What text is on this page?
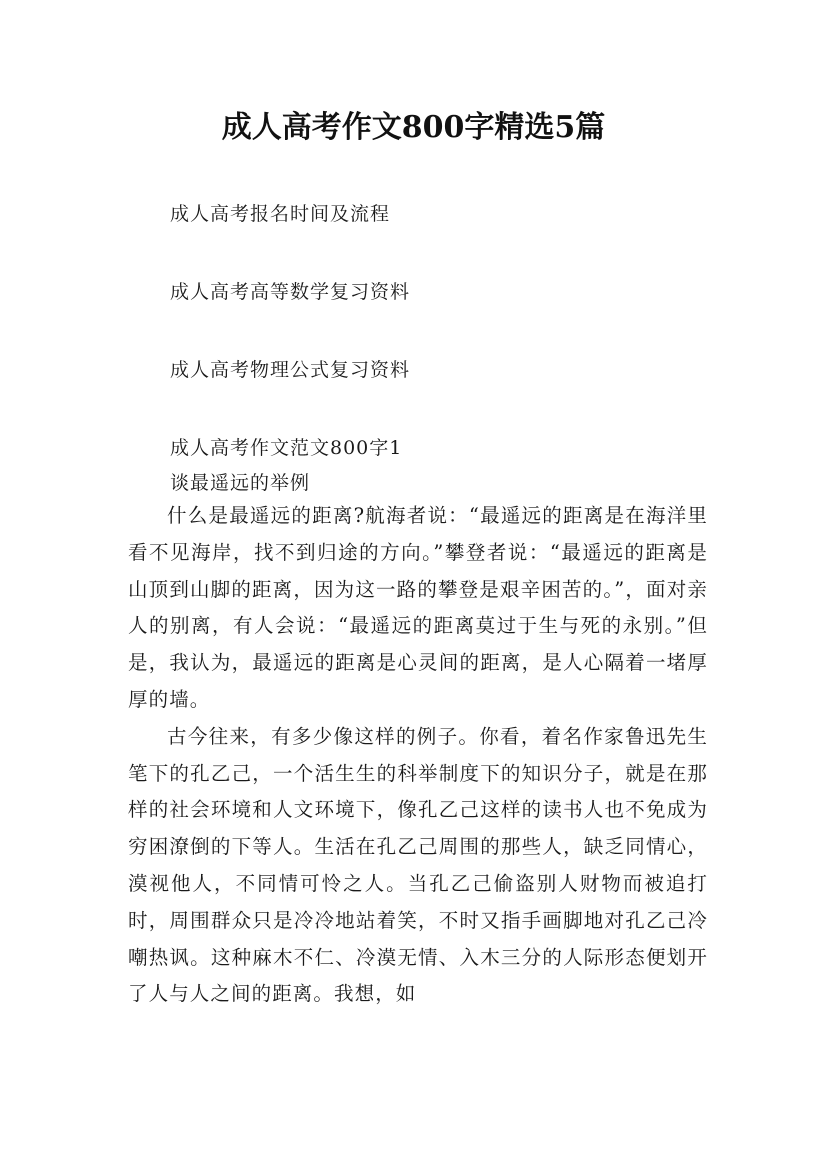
成人高考作文800字精选5篇
成人高考报名时间及流程
成人高考高等数学复习资料
成人高考物理公式复习资料
成人高考作文范文800字1
谈最遥远的举例

什么是最遥远的距离?航海者说：“最遥远的距离是在海洋里看不见海岸，找不到归途的方向。”攀登者说：“最遥远的距离是山顶到山脚的距离，因为这一路的攀登是艰辛困苦的。”，面对亲人的别离，有人会说：“最遥远的距离莫过于生与死的永别。”但是，我认为，最遥远的距离是心灵间的距离，是人心隔着一堵厚厚的墙。

古今往来，有多少像这样的例子。你看，着名作家鲁迅先生笔下的孔乙己，一个活生生的科举制度下的知识分子，就是在那样的社会环境和人文环境下，像孔乙己这样的读书人也不免成为穷困潦倒的下等人。生活在孔乙己周围的那些人，缺乏同情心，漠视他人，不同情可怜之人。当孔乙己偷盗别人财物而被追打时，周围群众只是冷冷地站着笑，不时又指手画脚地对孔乙己冷嘲热讽。这种麻木不仁、冷漠无情、入木三分的人际形态便划开了人与人之间的距离。我想，如
